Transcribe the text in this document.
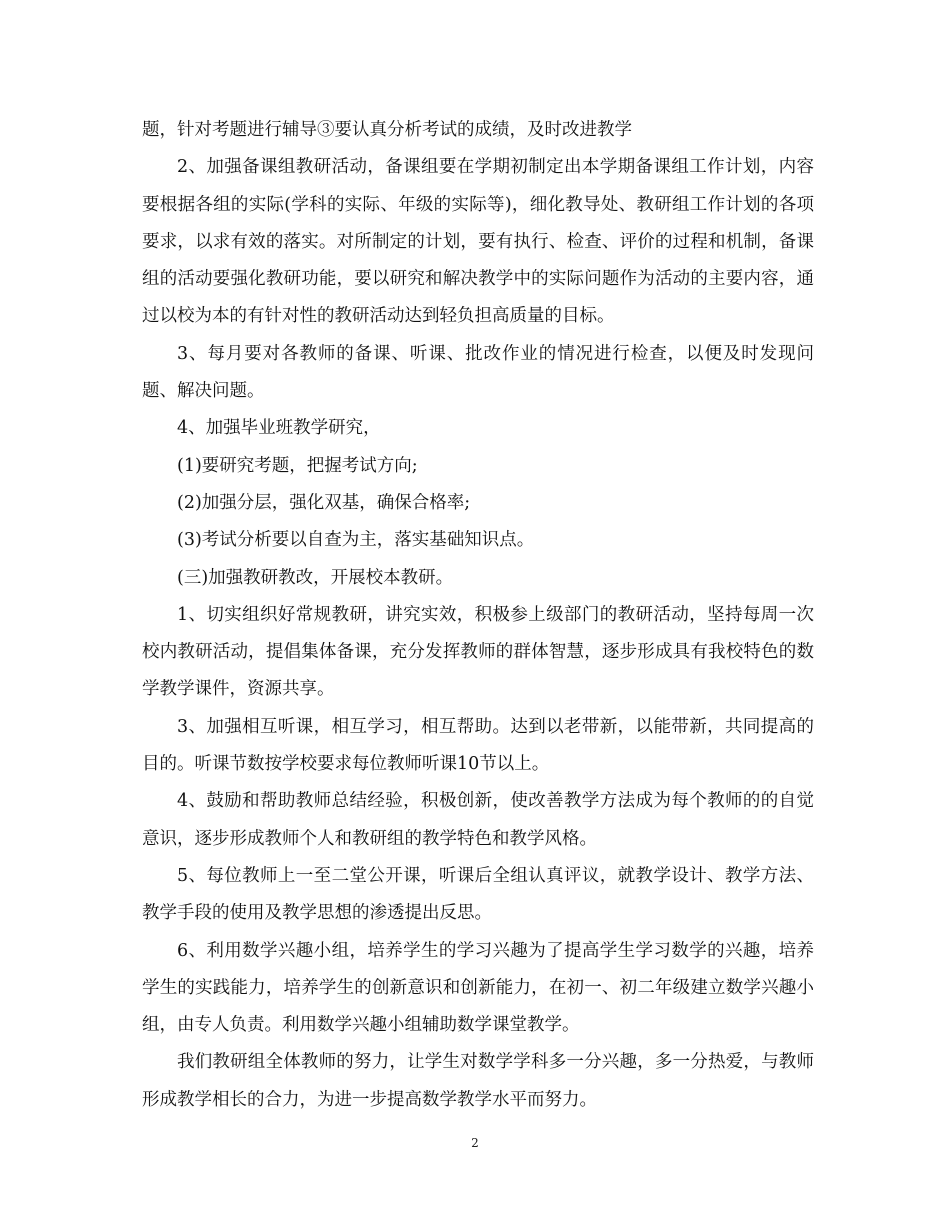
题，针对考题进行辅导③要认真分析考试的成绩，及时改进教学

2、加强备课组教研活动，备课组要在学期初制定出本学期备课组工作计划，内容要根据各组的实际(学科的实际、年级的实际等)，细化教导处、教研组工作计划的各项要求，以求有效的落实。对所制定的计划，要有执行、检查、评价的过程和机制，备课组的活动要强化教研功能，要以研究和解决教学中的实际问题作为活动的主要内容，通过以校为本的有针对性的教研活动达到轻负担高质量的目标。

3、每月要对各教师的备课、听课、批改作业的情况进行检查，以便及时发现问题、解决问题。

4、加强毕业班教学研究，

(1)要研究考题，把握考试方向;

(2)加强分层，强化双基，确保合格率;

(3)考试分析要以自查为主，落实基础知识点。

(三)加强教研教改，开展校本教研。

1、切实组织好常规教研，讲究实效，积极参上级部门的教研活动，坚持每周一次校内教研活动，提倡集体备课，充分发挥教师的群体智慧，逐步形成具有我校特色的数学教学课件，资源共享。

3、加强相互听课，相互学习，相互帮助。达到以老带新，以能带新，共同提高的目的。听课节数按学校要求每位教师听课10节以上。

4、鼓励和帮助教师总结经验，积极创新，使改善教学方法成为每个教师的的自觉意识，逐步形成教师个人和教研组的教学特色和教学风格。

5、每位教师上一至二堂公开课，听课后全组认真评议，就教学设计、教学方法、教学手段的使用及教学思想的渗透提出反思。

6、利用数学兴趣小组，培养学生的学习兴趣为了提高学生学习数学的兴趣，培养学生的实践能力，培养学生的创新意识和创新能力，在初一、初二年级建立数学兴趣小组，由专人负责。利用数学兴趣小组辅助数学课堂教学。

我们教研组全体教师的努力，让学生对数学学科多一分兴趣，多一分热爱，与教师形成教学相长的合力，为进一步提高数学教学水平而努力。

2
